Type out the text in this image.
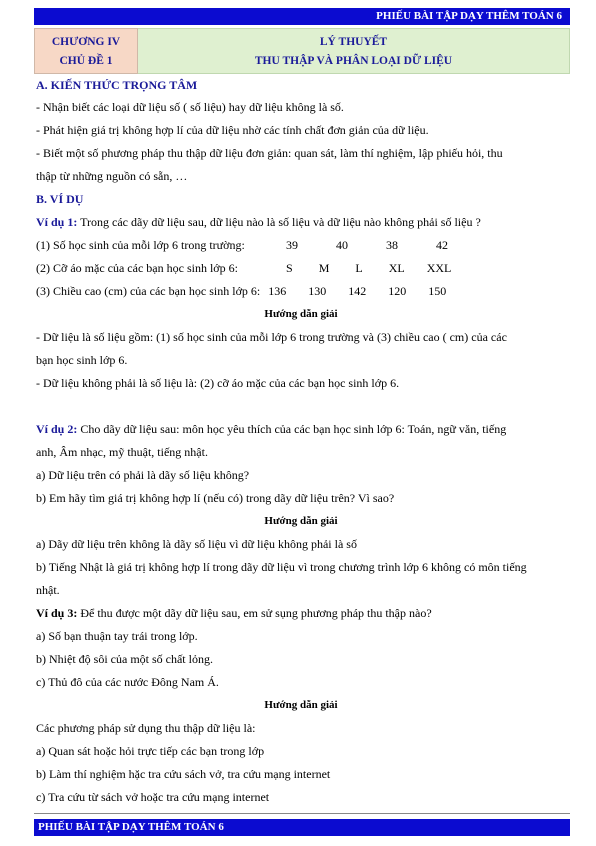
PHIẾU BÀI TẬP DẠY THÊM TOÁN 6
CHƯƠNG IV
CHỦ ĐỀ 1
LÝ THUYẾT
THU THẬP VÀ PHÂN LOẠI DỮ LIỆU
A. KIẾN THỨC TRỌNG TÂM
- Nhận biết các loại dữ liệu số ( số liệu) hay dữ liệu không là số.
- Phát hiện giá trị không hợp lí của dữ liệu nhờ các tính chất đơn giản của dữ liệu.
- Biết một số phương pháp thu thập dữ liệu đơn giản: quan sát, làm thí nghiệm, lập phiếu hỏi, thu
thập từ những nguồn có sẵn, …
B. VÍ DỤ
Ví dụ 1: Trong các dãy dữ liệu sau, dữ liệu nào là số liệu và dữ liệu nào không phải số liệu ?
(1) Số học sinh của mỗi lớp 6 trong trường:	39	40	38	42
(2) Cỡ áo mặc của các bạn học sinh lớp 6:	S M L XL XXL
(3) Chiều cao (cm) của các bạn học sinh lớp 6: 136 130 142 120 150
Hướng dẫn giải
- Dữ liệu là số liệu gồm: (1) số học sinh của mỗi lớp 6 trong trường và (3) chiều cao ( cm) của các
bạn học sinh lớp 6.
- Dữ liệu không phải là số liệu là: (2) cỡ áo mặc của các bạn học sinh lớp 6.
Ví dụ 2: Cho dãy dữ liệu sau: môn học yêu thích của các bạn học sinh lớp 6: Toán, ngữ văn, tiếng
anh, Âm nhạc, mỹ thuật, tiếng nhật.
a) Dữ liệu trên có phải là dãy số liệu không?
b) Em hãy tìm giá trị không hợp lí (nếu có) trong dãy dữ liệu trên? Vì sao?
Hướng dẫn giải
a) Dãy dữ liệu trên không là dãy số liệu vì dữ liệu không phải là số
b) Tiếng Nhật là giá trị không hợp lí trong dãy dữ liệu vì trong chương trình lớp 6 không có môn tiếng
nhật.
Ví dụ 3: Để thu được một dãy dữ liệu sau, em sử sụng phương pháp thu thập nào?
a) Số bạn thuận tay trái trong lớp.
b) Nhiệt độ sôi của một số chất lỏng.
c) Thủ đô của các nước Đông Nam Á.
Hướng dẫn giải
Các phương pháp sử dụng thu thập dữ liệu là:
a) Quan sát hoặc hỏi trực tiếp các bạn trong lớp
b) Làm thí nghiệm hặc tra cứu sách vở, tra cứu mạng internet
c) Tra cứu từ sách vở hoặc tra cứu mạng internet
PHIẾU BÀI TẬP DẠY THÊM TOÁN 6
